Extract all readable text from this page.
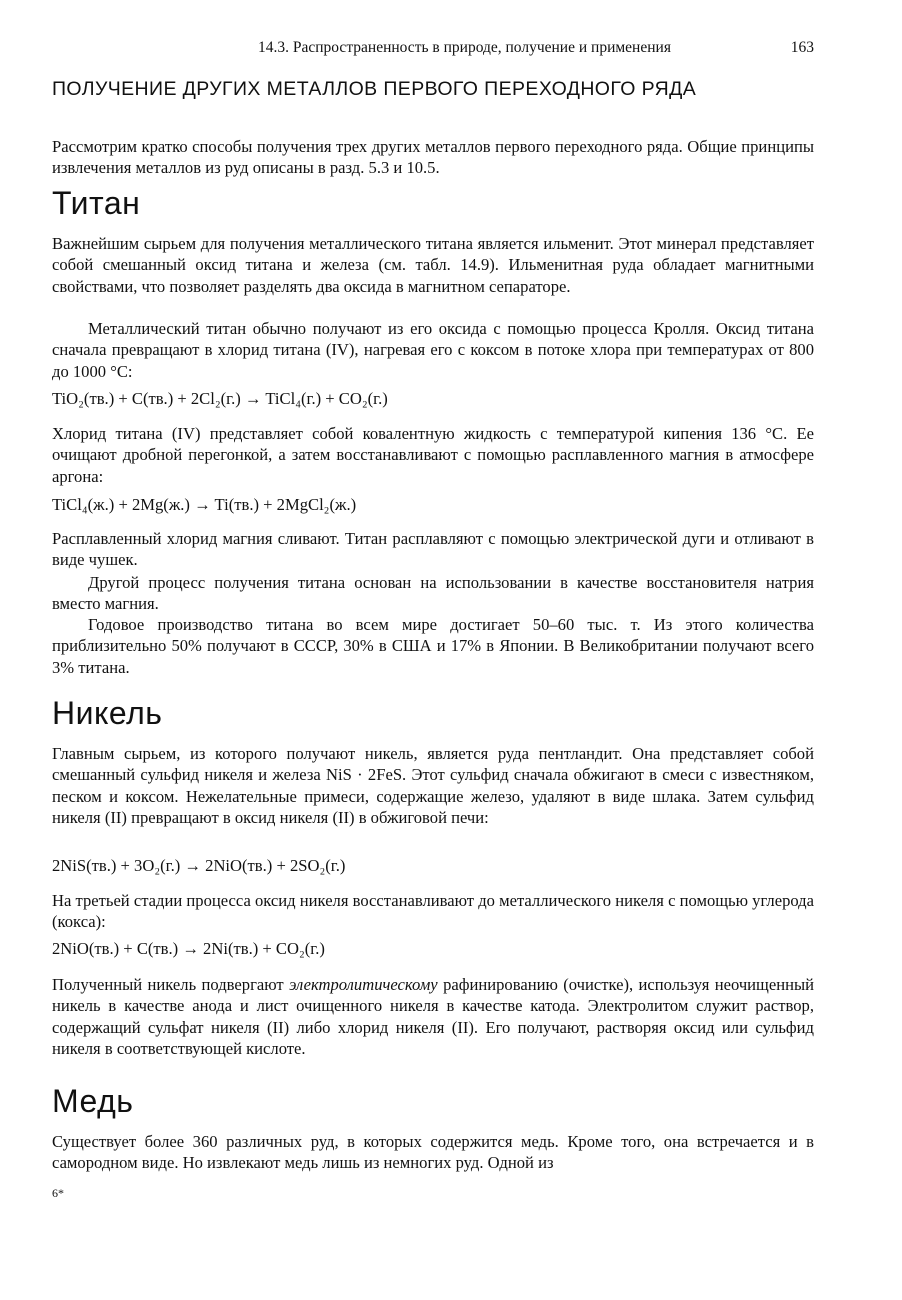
14.3. Распространенность в природе, получение и применения	163
ПОЛУЧЕНИЕ ДРУГИХ МЕТАЛЛОВ ПЕРВОГО ПЕРЕХОДНОГО РЯДА
Рассмотрим кратко способы получения трех других металлов первого переходного ряда. Общие принципы извлечения металлов из руд описаны в разд. 5.3 и 10.5.
Титан
Важнейшим сырьем для получения металлического титана является ильменит. Этот минерал представляет собой смешанный оксид титана и железа (см. табл. 14.9). Ильменитная руда обладает магнитными свойствами, что позволяет разделять два оксида в магнитном сепараторе.
Металлический титан обычно получают из его оксида с помощью процесса Кролля. Оксид титана сначала превращают в хлорид титана (IV), нагревая его с коксом в потоке хлора при температурах от 800 до 1000 °C:
TiO₂(тв.) + C(тв.) + 2Cl₂(г.) → TiCl₄(г.) + CO₂(г.)
Хлорид титана (IV) представляет собой ковалентную жидкость с температурой кипения 136 °C. Ее очищают дробной перегонкой, а затем восстанавливают с помощью расплавленного магния в атмосфере аргона:
TiCl₄(ж.) + 2Mg(ж.) → Ti(тв.) + 2MgCl₂(ж.)
Расплавленный хлорид магния сливают. Титан расплавляют с помощью электрической дуги и отливают в виде чушек.
Другой процесс получения титана основан на использовании в качестве восстановителя натрия вместо магния.
Годовое производство титана во всем мире достигает 50–60 тыс. т. Из этого количества приблизительно 50% получают в СССР, 30% в США и 17% в Японии. В Великобритании получают всего 3% титана.
Никель
Главным сырьем, из которого получают никель, является руда пентландит. Она представляет собой смешанный сульфид никеля и железа NiS · 2FeS. Этот сульфид сначала обжигают в смеси с известняком, песком и коксом. Нежелательные примеси, содержащие железо, удаляют в виде шлака. Затем сульфид никеля (II) превращают в оксид никеля (II) в обжиговой печи:
2NiS(тв.) + 3O₂(г.) → 2NiO(тв.) + 2SO₂(г.)
На третьей стадии процесса оксид никеля восстанавливают до металлического никеля с помощью углерода (кокса):
2NiO(тв.) + C(тв.) → 2Ni(тв.) + CO₂(г.)
Полученный никель подвергают электролитическому рафинированию (очистке), используя неочищенный никель в качестве анода и лист очищенного никеля в качестве катода. Электролитом служит раствор, содержащий сульфат никеля (II) либо хлорид никеля (II). Его получают, растворяя оксид или сульфид никеля в соответствующей кислоте.
Медь
Существует более 360 различных руд, в которых содержится медь. Кроме того, она встречается и в самородном виде. Но извлекают медь лишь из немногих руд. Одной из
6*
